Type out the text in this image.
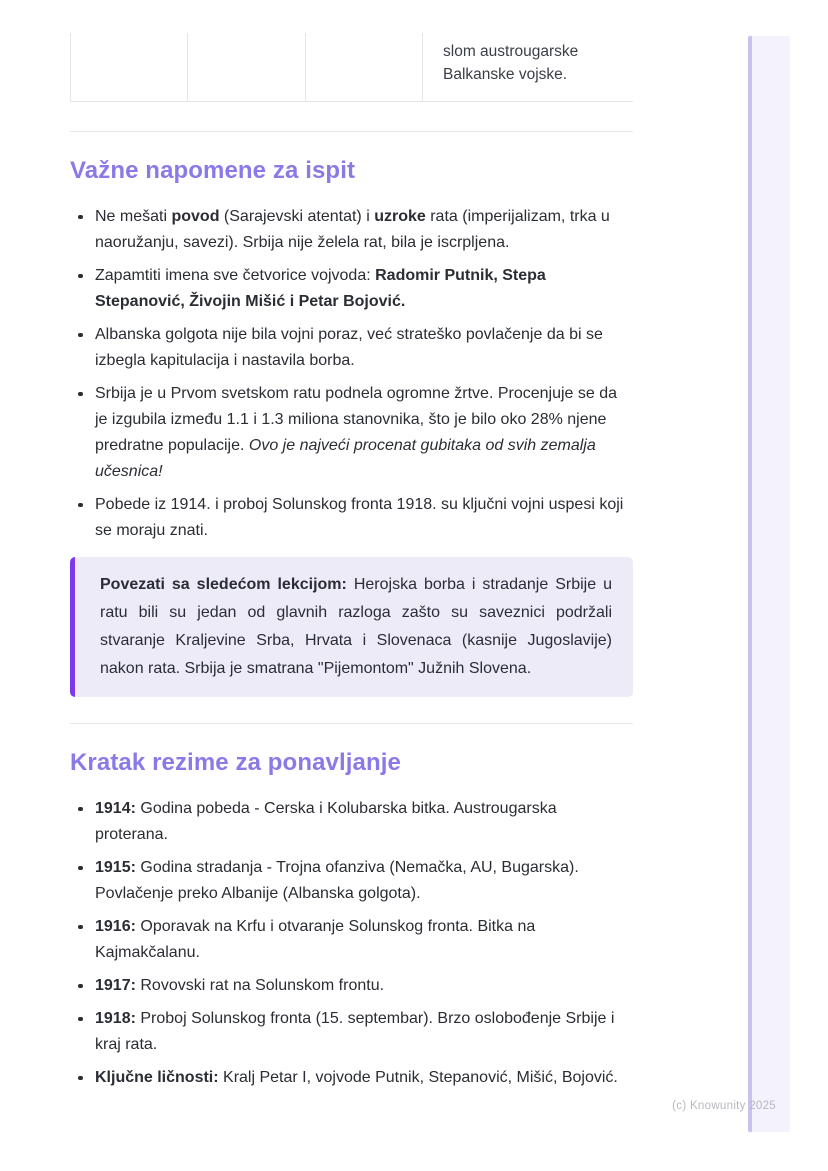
slom austrougarske Balkanske vojske.
Važne napomene za ispit
Ne mešati povod (Sarajevski atentat) i uzroke rata (imperijalizam, trka u naoružanju, savezi). Srbija nije želela rat, bila je iscrpljena.
Zapamtiti imena sve četvorice vojvoda: Radomir Putnik, Stepa Stepanović, Živojin Mišić i Petar Bojović.
Albanska golgota nije bila vojni poraz, već strateško povlačenje da bi se izbegla kapitulacija i nastavila borba.
Srbija je u Prvom svetskom ratu podnela ogromne žrtve. Procenjuje se da je izgubila između 1.1 i 1.3 miliona stanovnika, što je bilo oko 28% njene predratne populacije. Ovo je najveći procenat gubitaka od svih zemalja učesnica!
Pobede iz 1914. i proboj Solunskog fronta 1918. su ključni vojni uspesi koji se moraju znati.

Povezati sa sledećom lekcijom: Herojska borba i stradanje Srbije u ratu bili su jedan od glavnih razloga zašto su saveznici podržali stvaranje Kraljevine Srba, Hrvata i Slovenaca (kasnije Jugoslavije) nakon rata. Srbija je smatrana "Pijemontom" Južnih Slovena.

Kratak rezime za ponavljanje
1914: Godina pobeda - Cerska i Kolubarska bitka. Austrougarska proterana.
1915: Godina stradanja - Trojna ofanziva (Nemačka, AU, Bugarska). Povlačenje preko Albanije (Albanska golgota).
1916: Oporavak na Krfu i otvaranje Solunskog fronta. Bitka na Kajmakčalanu.
1917: Rovovski rat na Solunskom frontu.
1918: Proboj Solunskog fronta (15. septembar). Brzo oslobođenje Srbije i kraj rata.
Ključne ličnosti: Kralj Petar I, vojvode Putnik, Stepanović, Mišić, Bojović.
(c) Knowunity 2025
